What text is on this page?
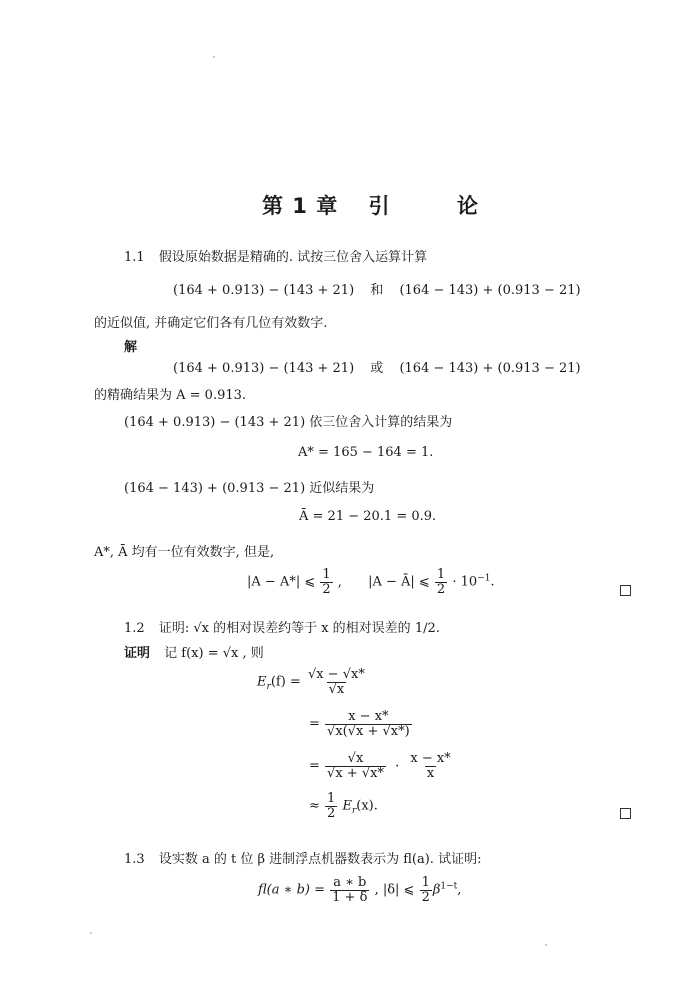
第 1 章 引	论
1.1 假设原始数据是精确的. 试按三位舍入运算计算
(164 + 0.913) − (143 + 21) 和 (164 − 143) + (0.913 − 21)
的近似值, 并确定它们各有几位有效数字.
解
(164 + 0.913) − (143 + 21) 或 (164 − 143) + (0.913 − 21)
的精确结果为 A = 0.913.
(164 + 0.913) − (143 + 21) 依三位舍入计算的结果为
A* = 165 − 164 = 1.
(164 − 143) + (0.913 − 21) 近似结果为
Ā = 21 − 20.1 = 0.9.
A*, Ā 均有一位有效数字, 但是,
|A − A*| ⩽ $\frac{1}{2}$ , |A − Ā| ⩽ $\frac{1}{2} \cdot 10^{-1}$.
1.2 证明: √x 的相对误差约等于 x 的相对误差的 1/2.
证明 记 f(x) = √x , 则
$E_r(f) = \frac{√x - √x*}{√x}$
= $\frac{x - x*}{√x(√x + √x*)}$
= $\frac{√x}{√x + √x*} \cdot \frac{x - x*}{x}$
≈ $\frac{1}{2} E_r(x)$.
1.3 设实数 a 的 t 位 β 进制浮点机器数表示为 fl(a). 试证明:
fl(a ∗ $b) = \frac{a ∗ b}{1 + \delta}$ , |δ| ⩽ $\frac{1}{2} \beta^{1-t}$,
